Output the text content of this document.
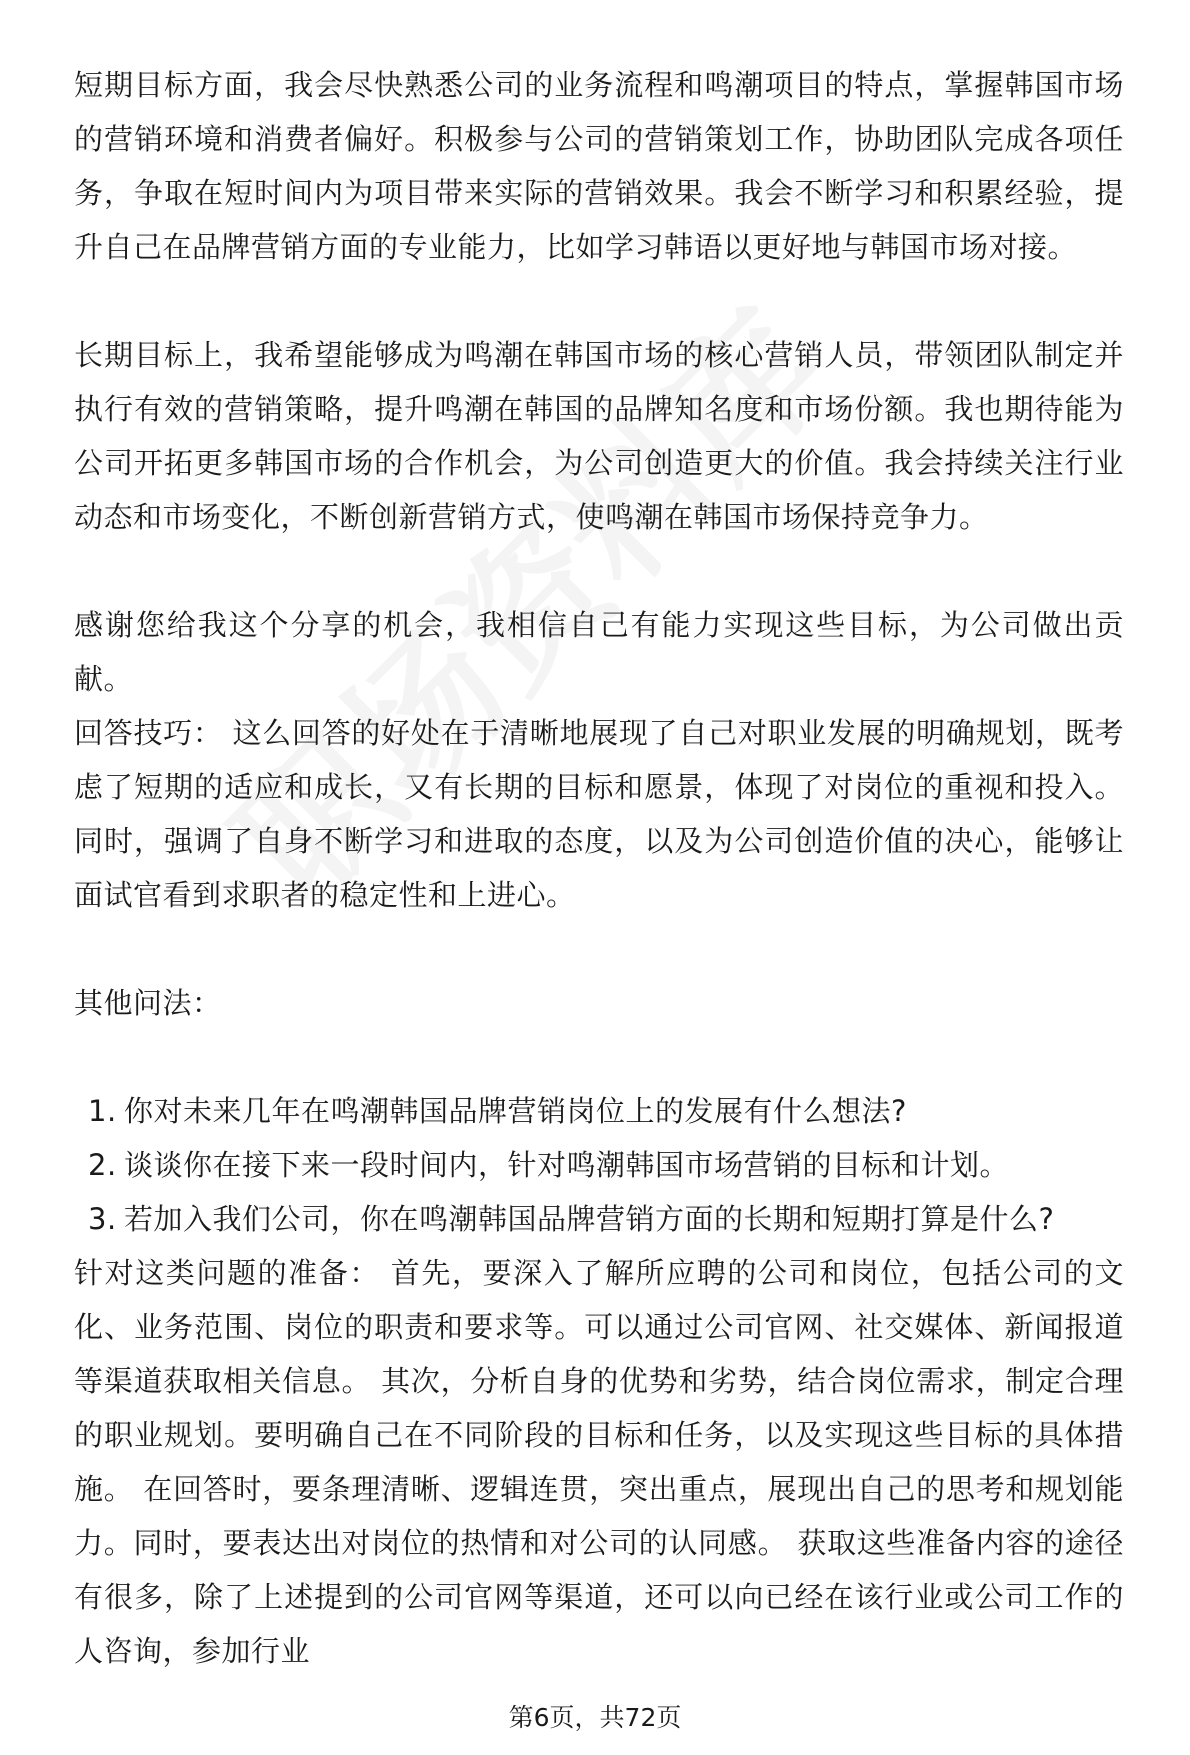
短期目标方面，我会尽快熟悉公司的业务流程和鸣潮项目的特点，掌握韩国市场的营销环境和消费者偏好。积极参与公司的营销策划工作，协助团队完成各项任务，争取在短时间内为项目带来实际的营销效果。我会不断学习和积累经验，提升自己在品牌营销方面的专业能力，比如学习韩语以更好地与韩国市场对接。

长期目标上，我希望能够成为鸣潮在韩国市场的核心营销人员，带领团队制定并执行有效的营销策略，提升鸣潮在韩国的品牌知名度和市场份额。我也期待能为公司开拓更多韩国市场的合作机会，为公司创造更大的价值。我会持续关注行业动态和市场变化，不断创新营销方式，使鸣潮在韩国市场保持竞争力。

感谢您给我这个分享的机会，我相信自己有能力实现这些目标，为公司做出贡献。

回答技巧： 这么回答的好处在于清晰地展现了自己对职业发展的明确规划，既考虑了短期的适应和成长，又有长期的目标和愿景，体现了对岗位的重视和投入。同时，强调了自身不断学习和进取的态度，以及为公司创造价值的决心，能够让面试官看到求职者的稳定性和上进心。

其他问法：

1. 你对未来几年在鸣潮韩国品牌营销岗位上的发展有什么想法?
2. 谈谈你在接下来一段时间内，针对鸣潮韩国市场营销的目标和计划。
3. 若加入我们公司，你在鸣潮韩国品牌营销方面的长期和短期打算是什么?

针对这类问题的准备： 首先，要深入了解所应聘的公司和岗位，包括公司的文化、业务范围、岗位的职责和要求等。可以通过公司官网、社交媒体、新闻报道等渠道获取相关信息。 其次，分析自身的优势和劣势，结合岗位需求，制定合理的职业规划。要明确自己在不同阶段的目标和任务，以及实现这些目标的具体措施。 在回答时，要条理清晰、逻辑连贯，突出重点，展现出自己的思考和规划能力。同时，要表达出对岗位的热情和对公司的认同感。 获取这些准备内容的途径有很多，除了上述提到的公司官网等渠道，还可以向已经在该行业或公司工作的人咨询，参加行业

第6页，共72页
